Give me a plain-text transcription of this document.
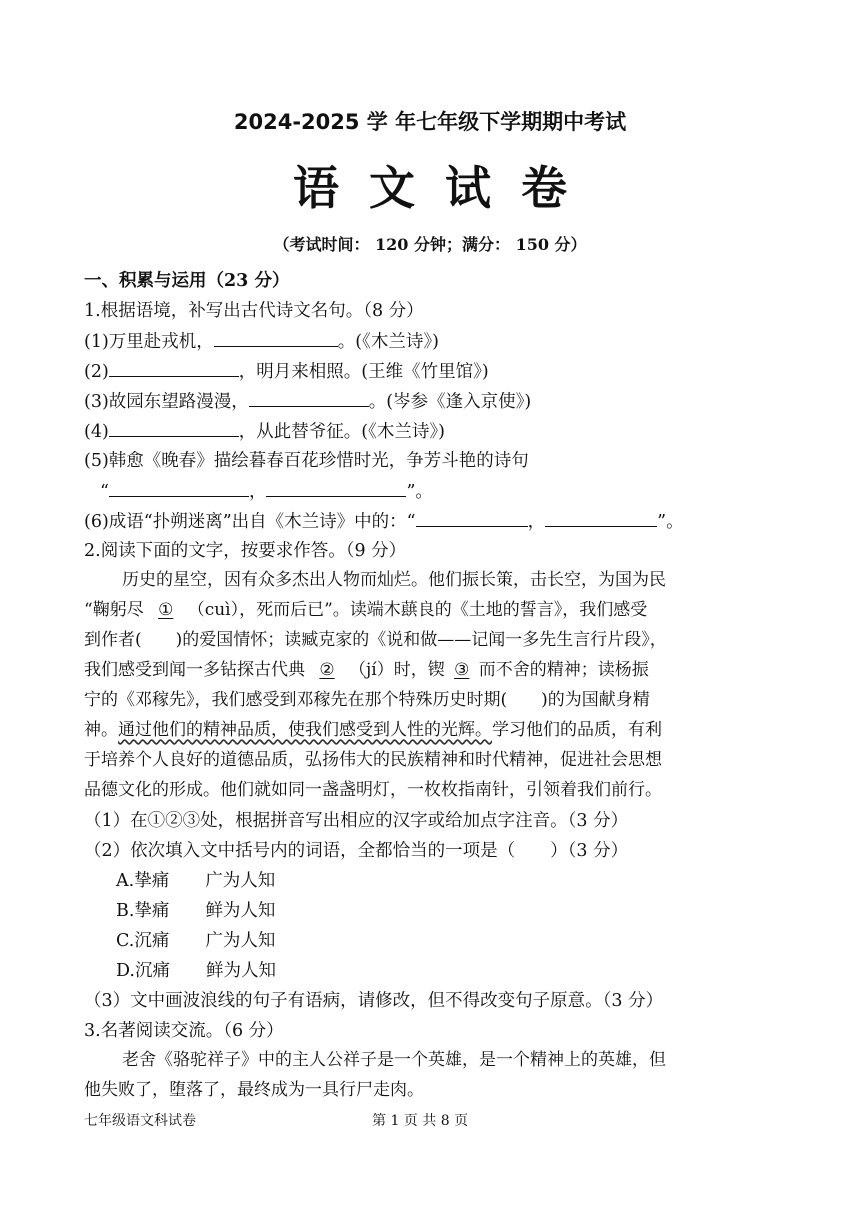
2024-2025 学 年七年级下学期期中考试
语文试卷
（考试时间： 120 分钟；满分： 150 分）
一、积累与运用（23 分）
1.根据语境，补写出古代诗文名句。（8 分）
(1)万里赴戎机，	。(《木兰诗》)
(2)	，明月来相照。(王维《竹里馆》)
(3)故园东望路漫漫，	。(岑参《逢入京使》)
(4)	，从此替爷征。(《木兰诗》)
(5)韩愈《晚春》描绘暮春百花珍惜时光，争芳斗艳的诗句
“	，	”。
(6)成语“扑朔迷离”出自《木兰诗》中的：“	，	”。
2.阅读下面的文字，按要求作答。（9 分）
历史的星空，因有众多杰出人物而灿烂。他们振长策，击长空，为国为民
“鞠躬尽 ① （cuì），死而后已”。读端木蕻良的《土地的誓言》，我们感受
到作者(　　)的爱国情怀；读臧克家的《说和做——记闻一多先生言行片段》，
我们感受到闻一多钻探古代典 ② （jí）时，锲 ③ 而不舍的精神；读杨振
宁的《邓稼先》，我们感受到邓稼先在那个特殊历史时期(　　)的为国献身精
神。通过他们的精神品质，使我们感受到人性的光辉。学习他们的品质，有利
于培养个人良好的道德品质，弘扬伟大的民族精神和时代精神，促进社会思想
品德文化的形成。他们就如同一盏盏明灯，一枚枚指南针，引领着我们前行。
（1）在①②③处，根据拼音写出相应的汉字或给加点字注音。（3 分）
（2）依次填入文中括号内的词语，全都恰当的一项是（　　）（3 分）
A.挚痛 广为人知
B.挚痛 鲜为人知
C.沉痛 广为人知
D.沉痛 鲜为人知
（3）文中画波浪线的句子有语病，请修改，但不得改变句子原意。（3 分）
3.名著阅读交流。（6 分）
老舍《骆驼祥子》中的主人公祥子是一个英雄，是一个精神上的英雄，但
他失败了，堕落了，最终成为一具行尸走肉。
七年级语文科试卷	第 1 页 共 8 页
